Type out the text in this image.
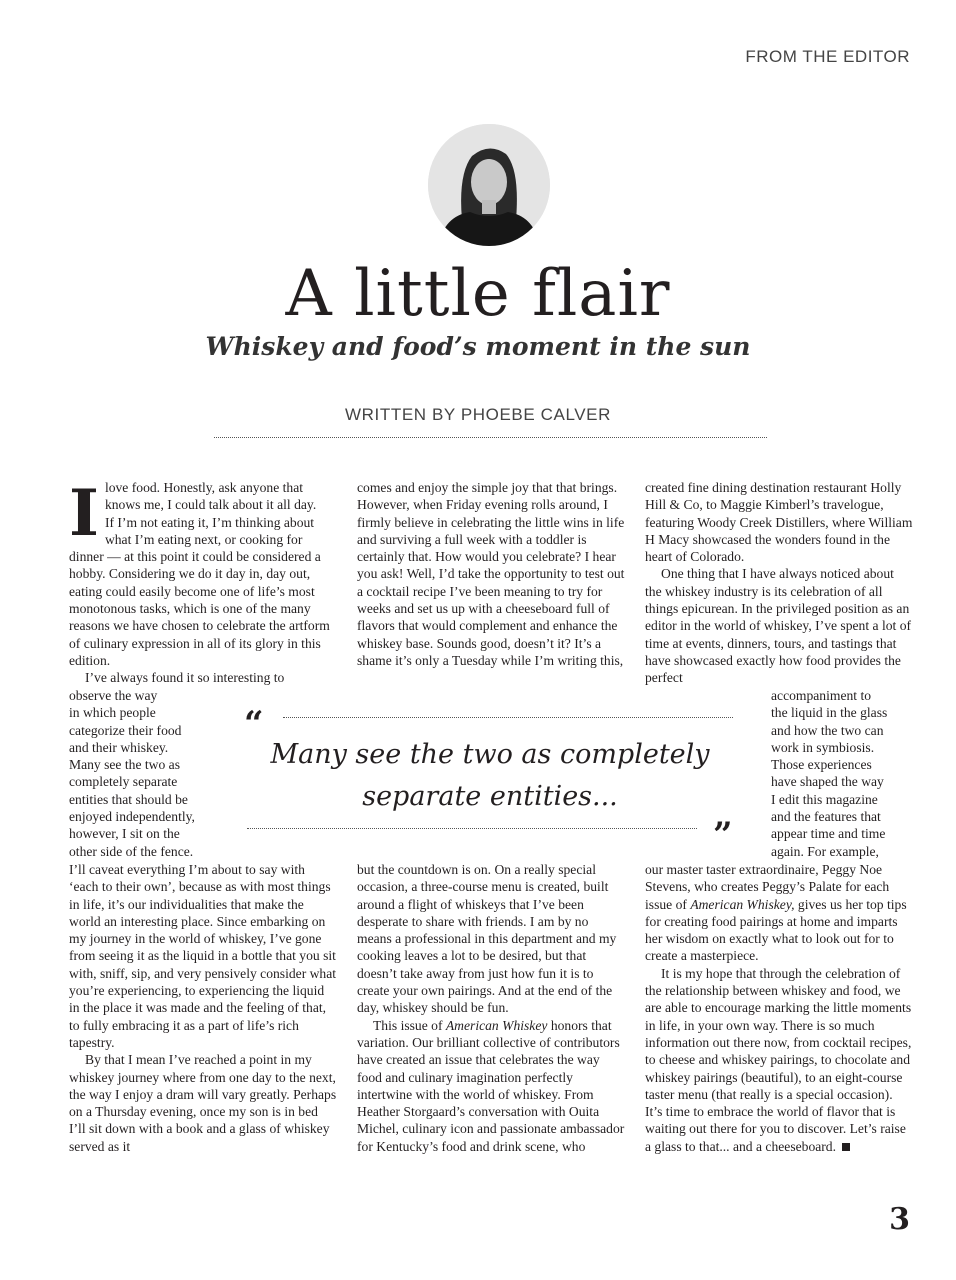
FROM THE EDITOR
A little flair
Whiskey and food’s moment in the sun
WRITTEN BY PHOEBE CALVER

I love food. Honestly, ask anyone that
knows me, I could talk about it all day.
If I’m not eating it, I’m thinking about
what I’m eating next, or cooking for
dinner — at this point it could be considered a hobby. Considering we do it day in, day out, eating could easily become one of life’s most monotonous tasks, which is one of the many reasons we have chosen to celebrate the artform of culinary expression in all of its glory in this edition.

I’ve always found it so interesting to

observe the way
in which people
categorize their food
and their whiskey.
Many see the two as
completely separate
entities that should be
enjoyed independently,
however, I sit on the
other side of the fence.

I’ll caveat everything I’m about to say with ‘each to their own’, because as with most things in life, it’s our individualities that make the world an interesting place. Since embarking on my journey in the world of whiskey, I’ve gone from seeing it as the liquid in a bottle that you sit with, sniff, sip, and very pensively consider what you’re experiencing, to experiencing the liquid in the place it was made and the feeling of that, to fully embracing it as a part of life’s rich tapestry.

By that I mean I’ve reached a point in my whiskey journey where from one day to the next, the way I enjoy a dram will vary greatly. Perhaps on a Thursday evening, once my son is in bed I’ll sit down with a book and a glass of whiskey served as it

comes and enjoy the simple joy that that brings. However, when Friday evening rolls around, I firmly believe in celebrating the little wins in life and surviving a full week with a toddler is certainly that. How would you celebrate? I hear you ask! Well, I’d take the opportunity to test out a cocktail recipe I’ve been meaning to try for weeks and set us up with a cheeseboard full of flavors that would complement and enhance the whiskey base. Sounds good, doesn’t it? It’s a shame it’s only a Tuesday while I’m writing this,

but the countdown is on. On a really special occasion, a three-course menu is created, built around a flight of whiskeys that I’ve been desperate to share with friends. I am by no means a professional in this department and my cooking leaves a lot to be desired, but that doesn’t take away from just how fun it is to create your own pairings. And at the end of the day, whiskey should be fun.

This issue of American Whiskey honors that variation. Our brilliant collective of contributors have created an issue that celebrates the way food and culinary imagination perfectly intertwine with the world of whiskey. From Heather Storgaard’s conversation with Ouita Michel, culinary icon and passionate ambassador for Kentucky’s food and drink scene, who

created fine dining destination restaurant Holly Hill & Co, to Maggie Kimberl’s travelogue, featuring Woody Creek Distillers, where William H Macy showcased the wonders found in the heart of Colorado.

One thing that I have always noticed about the whiskey industry is its celebration of all things epicurean. In the privileged position as an editor in the world of whiskey, I’ve spent a lot of time at events, dinners, tours, and tastings that have showcased exactly how food provides the perfect

accompaniment to
the liquid in the glass
and how the two can
work in symbiosis.
Those experiences
have shaped the way
I edit this magazine
and the features that
appear time and time
again. For example,

our master taster extraordinaire, Peggy Noe Stevens, who creates Peggy’s Palate for each issue of American Whiskey, gives us her top tips for creating food pairings at home and imparts her wisdom on exactly what to look out for to create a masterpiece.

It is my hope that through the celebration of the relationship between whiskey and food, we are able to encourage marking the little moments in life, in your own way. There is so much information out there now, from cocktail recipes, to cheese and whiskey pairings, to chocolate and whiskey pairings (beautiful), to an eight-course taster menu (that really is a special occasion). It’s time to embrace the world of flavor that is waiting out there for you to discover. Let’s raise a glass to that... and a cheeseboard.

“
Many see the two as completely separate entities...
”
3
